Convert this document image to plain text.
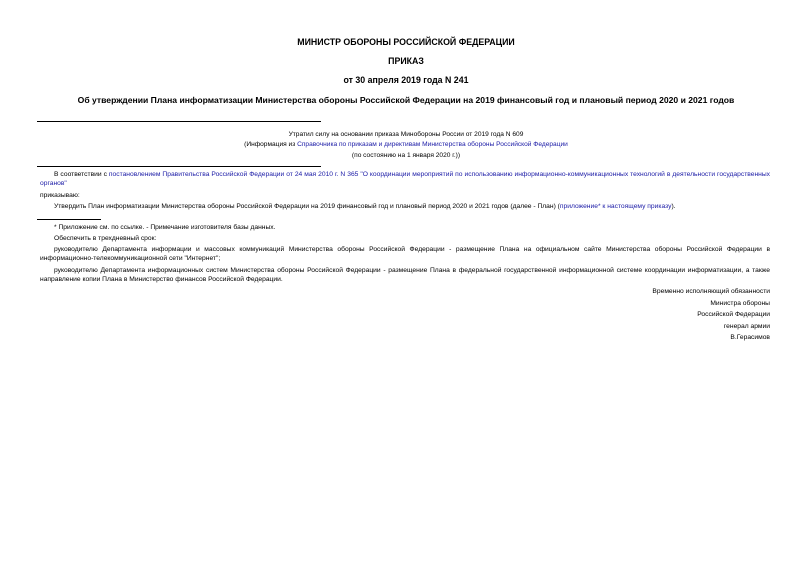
МИНИСТР ОБОРОНЫ РОССИЙСКОЙ ФЕДЕРАЦИИ
ПРИКАЗ
от 30 апреля 2019 года N 241
Об утверждении Плана информатизации Министерства обороны Российской Федерации на 2019 финансовый год и плановый период 2020 и 2021 годов
Утратил силу на основании приказа Минобороны России от 2019 года N 609
(Информация из Справочника по приказам и директивам Министерства обороны Российской Федерации
(по состоянию на 1 января 2020 г.))
В соответствии с постановлением Правительства Российской Федерации от 24 мая 2010 г. N 365 "О координации мероприятий по использованию информационно-коммуникационных технологий в деятельности государственных органов"
приказываю:
Утвердить План информатизации Министерства обороны Российской Федерации на 2019 финансовый год и плановый период 2020 и 2021 годов (далее - План) (приложение* к настоящему приказу).
* Приложение см. по ссылке. - Примечание изготовителя базы данных.
Обеспечить в трехдневный срок:
руководителю Департамента информации и массовых коммуникаций Министерства обороны Российской Федерации - размещение Плана на официальном сайте Министерства обороны Российской Федерации в информационно-телекоммуникационной сети "Интернет";
руководителю Департамента информационных систем Министерства обороны Российской Федерации - размещение Плана в федеральной государственной информационной системе координации информатизации, а также направление копии Плана в Министерство финансов Российской Федерации.
Временно исполняющий обязанности
Министра обороны
Российской Федерации
генерал армии
В.Герасимов
